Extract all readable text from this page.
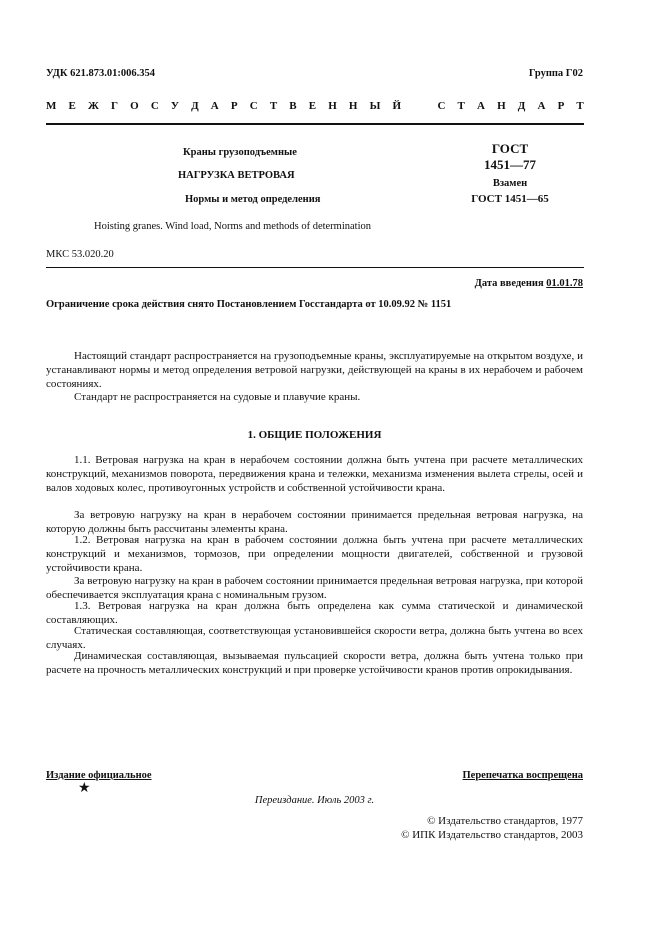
УДК 621.873.01:006.354	Группа Г02
М Е Ж Г О С У Д А Р С Т В Е Н Н Ы Й	С Т А Н Д А Р Т
Краны грузоподъемные
НАГРУЗКА ВЕТРОВАЯ
Нормы и метод определения
ГОСТ
1451—77
Взамен
ГОСТ 1451—65
Hoisting granes. Wind load, Norms and methods of determination
МКС 53.020.20
Дата введения 01.01.78
Ограничение срока действия снято Постановлением Госстандарта от 10.09.92 № 1151
Настоящий стандарт распространяется на грузоподъемные краны, эксплуатируемые на открытом воздухе, и устанавливают нормы и метод определения ветровой нагрузки, действующей на краны в их нерабочем и рабочем состояниях.
Стандарт не распространяется на судовые и плавучие краны.
1. ОБЩИЕ ПОЛОЖЕНИЯ
1.1. Ветровая нагрузка на кран в нерабочем состоянии должна быть учтена при расчете металлических конструкций, механизмов поворота, передвижения крана и тележки, механизма изменения вылета стрелы, осей и валов ходовых колес, противоугонных устройств и собственной устойчивости крана.
За ветровую нагрузку на кран в нерабочем состоянии принимается предельная ветровая нагрузка, на которую должны быть рассчитаны элементы крана.
1.2. Ветровая нагрузка на кран в рабочем состоянии должна быть учтена при расчете металлических конструкций и механизмов, тормозов, при определении мощности двигателей, собственной и грузовой устойчивости крана.
За ветровую нагрузку на кран в рабочем состоянии принимается предельная ветровая нагрузка, при которой обеспечивается эксплуатация крана с номинальным грузом.
1.3. Ветровая нагрузка на кран должна быть определена как сумма статической и динамической составляющих.
Статическая составляющая, соответствующая установившейся скорости ветра, должна быть учтена во всех случаях.
Динамическая составляющая, вызываемая пульсацией скорости ветра, должна быть учтена только при расчете на прочность металлических конструкций и при проверке устойчивости кранов против опрокидывания.
Издание официальное	Перепечатка воспрещена
★
Переиздание. Июль 2003 г.
© Издательство стандартов, 1977
© ИПК Издательство стандартов, 2003
